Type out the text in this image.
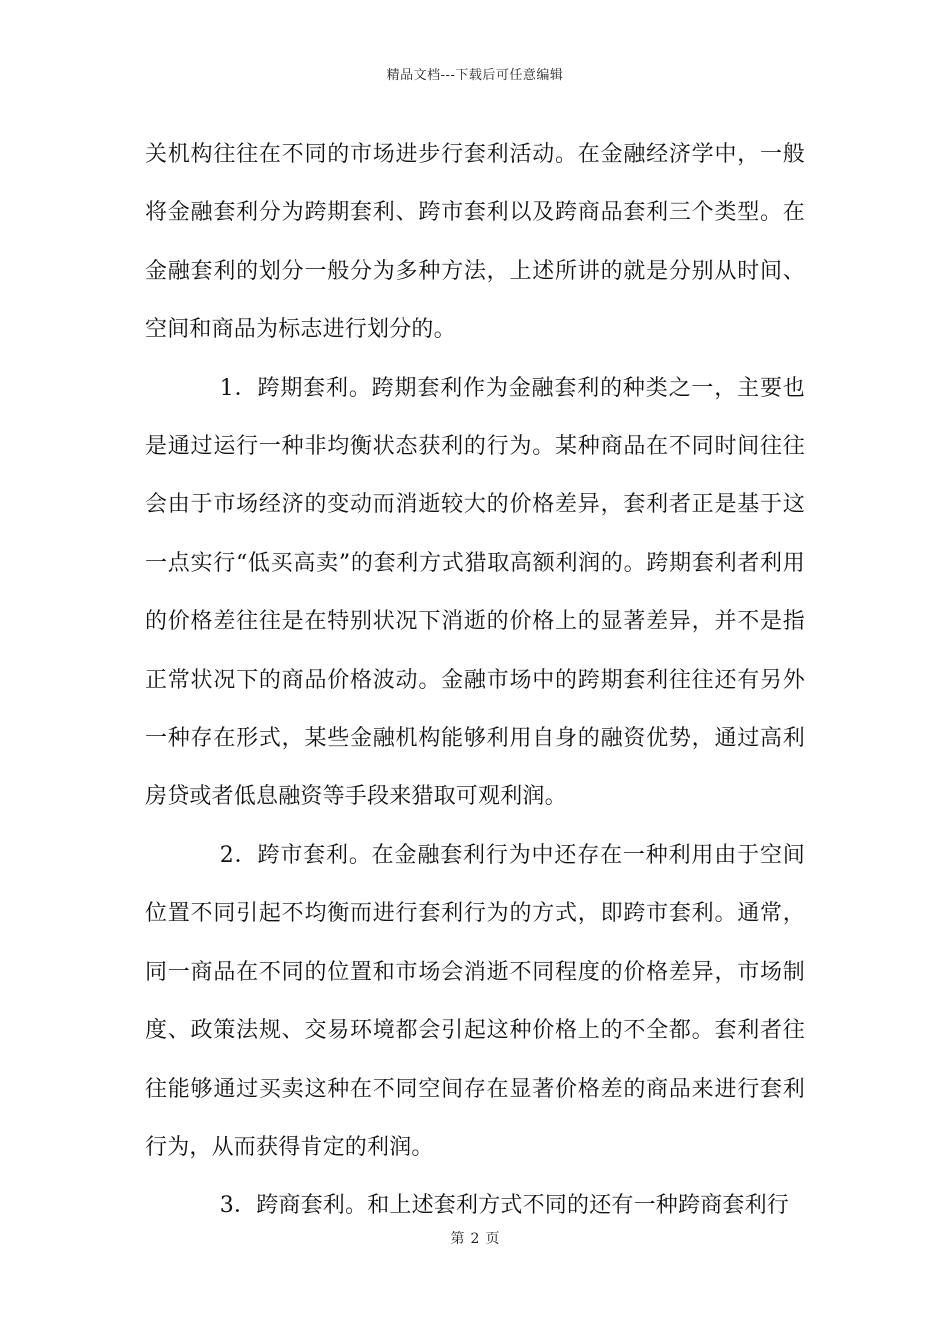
精品文档---下载后可任意编辑

关机构往往在不同的市场进步行套利活动。在金融经济学中，一般将金融套利分为跨期套利、跨市套利以及跨商品套利三个类型。在金融套利的划分一般分为多种方法，上述所讲的就是分别从时间、空间和商品为标志进行划分的。

1．跨期套利。跨期套利作为金融套利的种类之一，主要也是通过运行一种非均衡状态获利的行为。某种商品在不同时间往往会由于市场经济的变动而消逝较大的价格差异，套利者正是基于这一点实行“低买高卖”的套利方式猎取高额利润的。跨期套利者利用的价格差往往是在特别状况下消逝的价格上的显著差异，并不是指正常状况下的商品价格波动。金融市场中的跨期套利往往还有另外一种存在形式，某些金融机构能够利用自身的融资优势，通过高利房贷或者低息融资等手段来猎取可观利润。

2．跨市套利。在金融套利行为中还存在一种利用由于空间位置不同引起不均衡而进行套利行为的方式，即跨市套利。通常，同一商品在不同的位置和市场会消逝不同程度的价格差异，市场制度、政策法规、交易环境都会引起这种价格上的不全都。套利者往往能够通过买卖这种在不同空间存在显著价格差的商品来进行套利行为，从而获得肯定的利润。

3．跨商套利。和上述套利方式不同的还有一种跨商套利行

第 2 页
